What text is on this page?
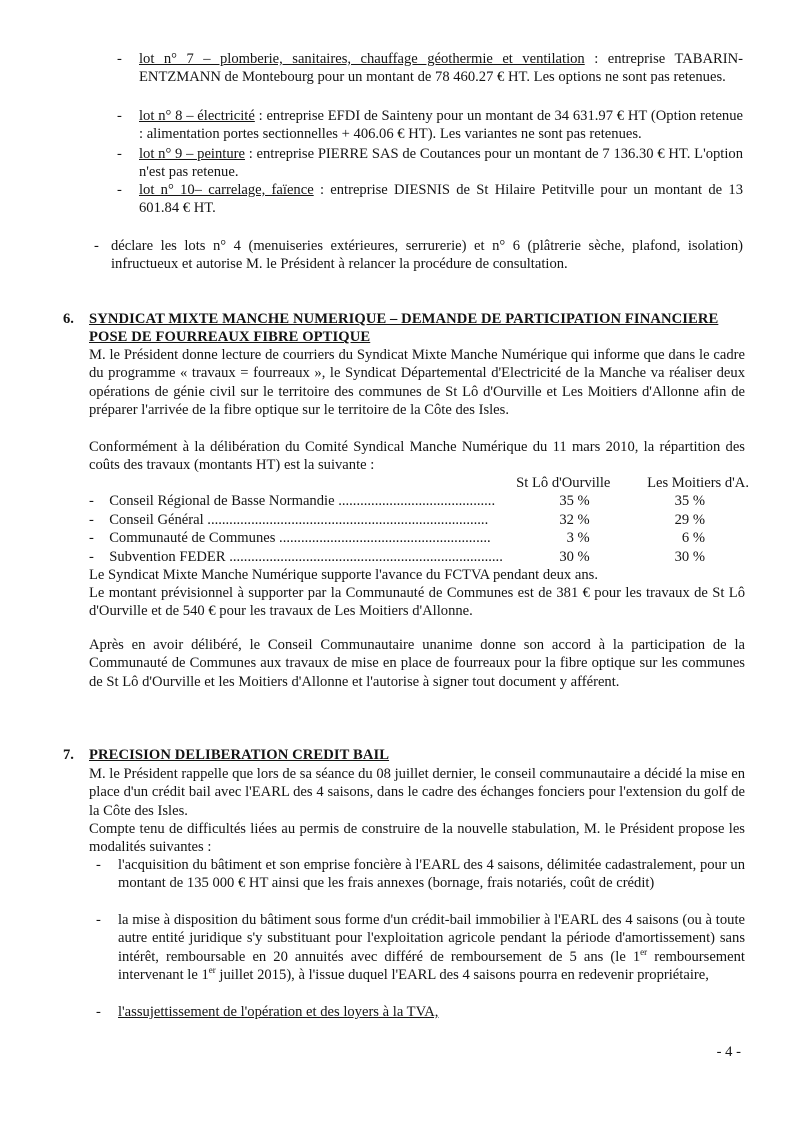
- lot n° 7 – plomberie, sanitaires, chauffage géothermie et ventilation : entreprise TABARIN-ENTZMANN de Montebourg pour un montant de 78 460.27 € HT. Les options ne sont pas retenues.
- lot n° 8 – électricité : entreprise EFDI de Sainteny pour un montant de 34 631.97 € HT (Option retenue : alimentation portes sectionnelles + 406.06 € HT). Les variantes ne sont pas retenues.
- lot n° 9 – peinture : entreprise PIERRE SAS de Coutances pour un montant de 7 136.30 € HT. L'option n'est pas retenue.
- lot n° 10– carrelage, faïence : entreprise DIESNIS de St Hilaire Petitville pour un montant de 13 601.84 € HT.
- déclare les lots n° 4 (menuiseries extérieures, serrurerie) et n° 6 (plâtrerie sèche, plafond, isolation) infructueux et autorise M. le Président à relancer la procédure de consultation.
6. SYNDICAT MIXTE MANCHE NUMERIQUE – DEMANDE DE PARTICIPATION FINANCIERE
POSE DE FOURREAUX FIBRE OPTIQUE
M. le Président donne lecture de courriers du Syndicat Mixte Manche Numérique qui informe que dans le cadre du programme « travaux = fourreaux », le Syndicat Départemental d'Electricité de la Manche va réaliser deux opérations de génie civil sur le territoire des communes de St Lô d'Ourville et Les Moitiers d'Allonne afin de préparer l'arrivée de la fibre optique sur le territoire de la Côte des Isles.
Conformément à la délibération du Comité Syndical Manche Numérique du 11 mars 2010, la répartition des coûts des travaux (montants HT) est la suivante :
		St Lô d'Ourville	Les Moitiers d'A.
-	Conseil Régional de Basse Normandie ...........................................	35 %	35 %
-	Conseil Général .............................................................................	32 %	29 %
-	Communauté de Communes ..........................................................	3 %	6 %
-	Subvention FEDER ...........................................................................	30 %	30 %
Le Syndicat Mixte Manche Numérique supporte l'avance du FCTVA pendant deux ans.
Le montant prévisionnel à supporter par la Communauté de Communes est de 381 € pour les travaux de St Lô d'Ourville et de 540 € pour les travaux de Les Moitiers d'Allonne.
Après en avoir délibéré, le Conseil Communautaire unanime donne son accord à la participation de la Communauté de Communes aux travaux de mise en place de fourreaux pour la fibre optique sur les communes de St Lô d'Ourville et les Moitiers d'Allonne et l'autorise à signer tout document y afférent.
7. PRECISION DELIBERATION CREDIT BAIL
M. le Président rappelle que lors de sa séance du 08 juillet dernier, le conseil communautaire a décidé la mise en place d'un crédit bail avec l'EARL des 4 saisons, dans le cadre des échanges fonciers pour l'extension du golf de la Côte des Isles.
Compte tenu de difficultés liées au permis de construire de la nouvelle stabulation, M. le Président propose les modalités suivantes :
- l'acquisition du bâtiment et son emprise foncière à l'EARL des 4 saisons, délimitée cadastralement, pour un montant de 135 000 € HT ainsi que les frais annexes (bornage, frais notariés, coût de crédit)
- la mise à disposition du bâtiment sous forme d'un crédit-bail immobilier à l'EARL des 4 saisons (ou à toute autre entité juridique s'y substituant pour l'exploitation agricole pendant la période d'amortissement) sans intérêt, remboursable en 20 annuités avec différé de remboursement de 5 ans (le 1er remboursement intervenant le 1er juillet 2015), à l'issue duquel l'EARL des 4 saisons pourra en redevenir propriétaire,
- l'assujettissement de l'opération et des loyers à la TVA,
- 4 -
